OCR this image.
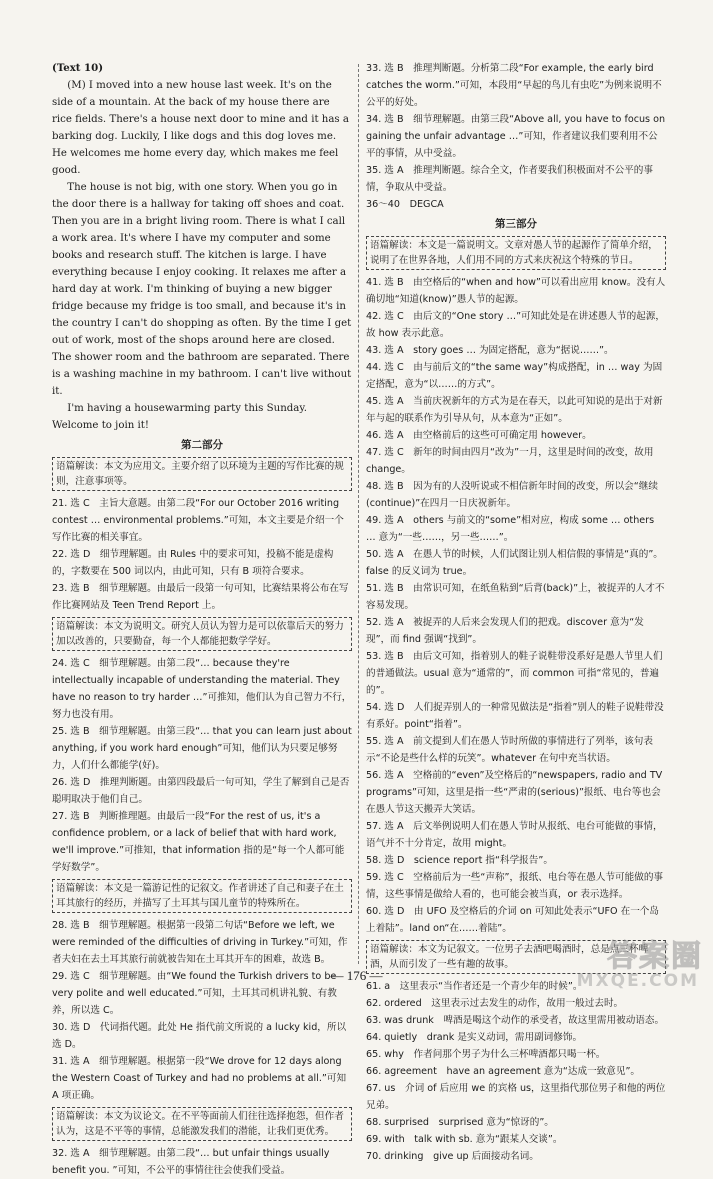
(Text 10)

(M) I moved into a new house last week. It's on the side of a mountain. At the back of my house there are rice fields. There's a house next door to mine and it has a barking dog. Luckily, I like dogs and this dog loves me. He welcomes me home every day, which makes me feel good.

The house is not big, with one story. When you go in the door there is a hallway for taking off shoes and coat. Then you are in a bright living room. There is what I call a work area. It's where I have my computer and some books and research stuff. The kitchen is large. I have everything because I enjoy cooking. It relaxes me after a hard day at work. I'm thinking of buying a new bigger fridge because my fridge is too small, and because it's in the country I can't do shopping as often. By the time I get out of work, most of the shops around here are closed. The shower room and the bathroom are separated. There is a washing machine in my bathroom. I can't live without it.

I'm having a housewarming party this Sunday. Welcome to join it!

第二部分
语篇解读：本文为应用文。主要介绍了以环境为主题的写作比赛的规则，注意事项等。
21. 选 C　主旨大意题。由第二段“For our October 2016 writing contest … environmental problems.”可知，本文主要是介绍一个写作比赛的相关事宜。
22. 选 D　细节理解题。由 Rules 中的要求可知，投稿不能是虚构的，字数要在 500 词以内，由此可知，只有 B 项符合要求。
23. 选 B　细节理解题。由最后一段第一句可知，比赛结果将公布在写作比赛网站及 Teen Trend Report 上。
语篇解读：本文为说明文。研究人员认为智力是可以依靠后天的努力加以改善的，只要勤奋，每一个人都能把数学学好。
24. 选 C　细节理解题。由第二段“… because they're intellectually incapable of understanding the material. They have no reason to try harder …”可推知，他们认为自己智力不行，努力也没有用。
25. 选 B　细节理解题。由第三段“… that you can learn just about anything, if you work hard enough”可知，他们认为只要足够努力，人们什么都能学(好)。
26. 选 D　推理判断题。由第四段最后一句可知，学生了解到自己是否聪明取决于他们自己。
27. 选 B　判断推理题。由最后一段“For the rest of us, it's a confidence problem, or a lack of belief that with hard work, we'll improve.”可推知，that information 指的是“每一个人都可能学好数学”。
语篇解读：本文是一篇游记性的记叙文。作者讲述了自己和妻子在土耳其旅行的经历，并描写了土耳其与国儿童节的特殊所在。
28. 选 B　细节理解题。根据第一段第二句话“Before we left, we were reminded of the difficulties of driving in Turkey.”可知，作者夫妇在去土耳其旅行前就被告知在土耳其开车的困难，故选 B。
29. 选 C　细节理解题。由“We found the Turkish drivers to be very polite and well educated.”可知，土耳其司机讲礼貌、有教养，所以选 C。
30. 选 D　代词指代题。此处 He 指代前文所说的 a lucky kid，所以选 D。
31. 选 A　细节理解题。根据第一段“We drove for 12 days along the Western Coast of Turkey and had no problems at all.”可知 A 项正确。
语篇解读：本文为议论文。在不平等面前人们往往选择抱怨，但作者认为，这是不平等的事情，总能激发我们的潜能，让我们更优秀。
32. 选 A　细节理解题。由第二段“… but unfair things usually benefit you. ”可知，不公平的事情往往会使我们受益。
33. 选 B　推理判断题。分析第二段“For example, the early bird catches the worm.”可知，本段用“早起的鸟儿有虫吃”为例来说明不公平的好处。
34. 选 B　细节理解题。由第三段“Above all, you have to focus on gaining the unfair advantage …”可知，作者建议我们要利用不公平的事情，从中受益。
35. 选 A　推理判断题。综合全文，作者要我们积极面对不公平的事情，争取从中受益。
36～40　DEGCA
第三部分
语篇解读：本文是一篇说明文。文章对愚人节的起源作了简单介绍，说明了在世界各地，人们用不同的方式来庆祝这个特殊的节日。
41. 选 B　由空格后的“when and how”可以看出应用 know。没有人确切地“知道(know)”愚人节的起源。
42. 选 C　由后文的“One story …”可知此处是在讲述愚人节的起源，故 how 表示此意。
43. 选 A　story goes … 为固定搭配，意为“据说……”。
44. 选 C　由与前后文的“the same way”构成搭配，in … way 为固定搭配，意为“以……的方式”。
45. 选 A　当前庆祝新年的方式为是在春天，以此可知说的是出于对新年与起的联系作为引导从句，从本意为“正如”。
46. 选 A　由空格前后的这些可可确定用 however。
47. 选 C　新年的时间由四月“改为”一月，这里是时间的改变，故用 change。
48. 选 B　因为有的人没听说或不相信新年时间的改变，所以会“继续(continue)”在四月一日庆祝新年。
49. 选 A　others 与前文的“some”相对应，构成 some … others … 意为“一些……，另一些……”。
50. 选 A　在愚人节的时候，人们试图让别人相信假的事情是“真的”。false 的反义词为 true。
51. 选 B　由常识可知，在纸鱼粘到“后背(back)”上，被捉弄的人才不容易发现。
52. 选 A　被捉弄的人后来会发现人们的把戏。discover 意为“发现”，而 find 强调“找到”。
53. 选 B　由后文可知，指着别人的鞋子说鞋带没系好是愚人节里人们的普通做法。usual 意为“通常的”，而 common 可指“常见的，普遍的”。
54. 选 D　人们捉弄别人的一种常见做法是“指着”别人的鞋子说鞋带没有系好。point“指着”。
55. 选 A　前文提到人们在愚人节时所做的事情进行了列举，该句表示“不论是些什么样的玩笑”。whatever 在句中充当状语。
56. 选 A　空格前的“even”及空格后的“newspapers, radio and TV programs”可知，这里是指一些“严肃的(serious)”报纸、电台等也会在愚人节这天搬弄大笑话。
57. 选 A　后文举例说明人们在愚人节时从报纸、电台可能做的事情，语气并不十分肯定，故用 might。
58. 选 D　science report 指“科学报告”。
59. 选 C　空格前后为一些“声称”，报纸、电台等在愚人节可能做的事情，这些事情是做给人看的，也可能会被当真，or 表示选择。
60. 选 D　由 UFO 及空格后的介词 on 可知此处表示“UFO 在一个岛上着陆”。land on“在……着陆”。
语篇解读：本文为记叙文。一位男子去酒吧喝酒时，总是点三杯啤酒，从而引发了一些有趣的故事。
61. a　这里表示“当作者还是一个青少年的时候”。
62. ordered　这里表示过去发生的动作，故用一般过去时。
63. was drunk　啤酒是喝这个动作的承受者，故这里需用被动语态。
64. quietly　drank 是实义动词，需用副词修饰。
65. why　作者问那个男子为什么三杯啤酒都只喝一杯。
66. agreement　have an agreement 意为“达成一致意见”。
67. us　介词 of 后应用 we 的宾格 us，这里指代那位男子和他的两位兄弟。
68. surprised　surprised 意为“惊讶的”。
69. with　talk with sb. 意为“跟某人交谈”。
70. drinking　give up 后面接动名词。
— 176 —
答案圈
MXQE.COM
